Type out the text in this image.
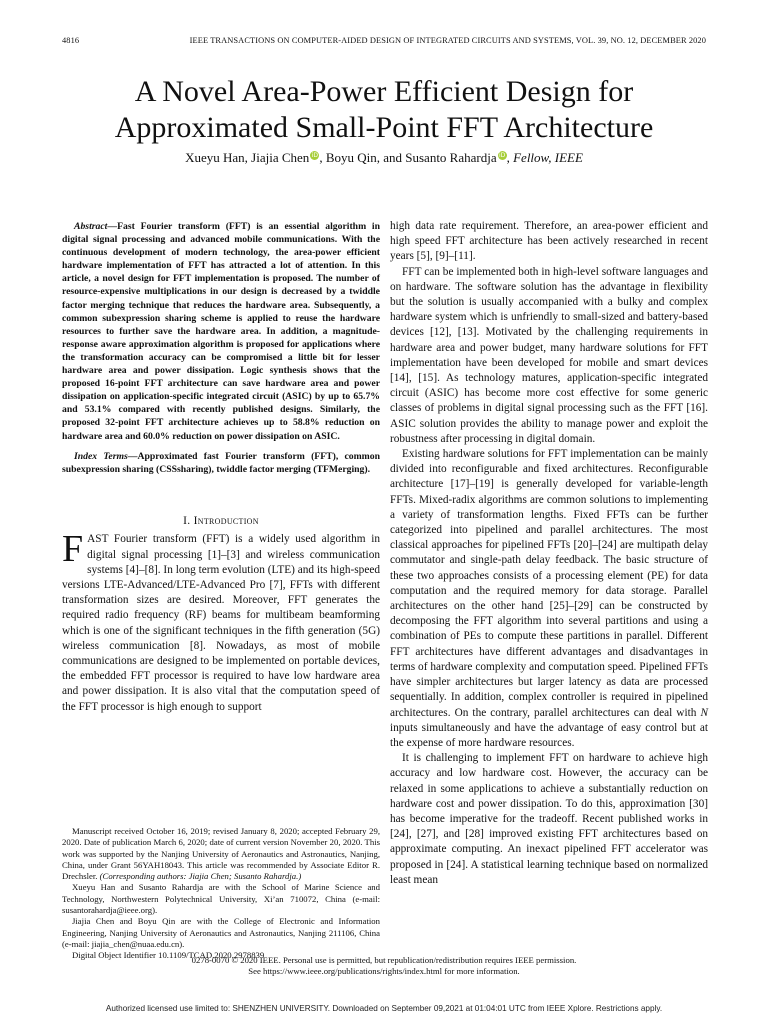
4816	IEEE TRANSACTIONS ON COMPUTER-AIDED DESIGN OF INTEGRATED CIRCUITS AND SYSTEMS, VOL. 39, NO. 12, DECEMBER 2020
A Novel Area-Power Efficient Design for
Approximated Small-Point FFT Architecture
Xueyu Han, Jiajia Chen iD, Boyu Qin, and Susanto Rahardja iD, Fellow, IEEE

Abstract—Fast Fourier transform (FFT) is an essential algorithm in digital signal processing and advanced mobile communications. With the continuous development of modern technology, the area-power efficient hardware implementation of FFT has attracted a lot of attention. In this article, a novel design for FFT implementation is proposed. The number of resource-expensive multiplications in our design is decreased by a twiddle factor merging technique that reduces the hardware area. Subsequently, a common subexpression sharing scheme is applied to reuse the hardware resources to further save the hardware area. In addition, a magnitude-response aware approximation algorithm is proposed for applications where the transformation accuracy can be compromised a little bit for lesser hardware area and power dissipation. Logic synthesis shows that the proposed 16-point FFT architecture can save hardware area and power dissipation on application-specific integrated circuit (ASIC) by up to 65.7% and 53.1% compared with recently published designs. Similarly, the proposed 32-point FFT architecture achieves up to 58.8% reduction on hardware area and 60.0% reduction on power dissipation on ASIC.

Index Terms—Approximated fast Fourier transform (FFT), common subexpression sharing (CSSsharing), twiddle factor merging (TFMerging).

I. Introduction

FAST Fourier transform (FFT) is a widely used algorithm in digital signal processing [1]–[3] and wireless communication systems [4]–[8]. In long term evolution (LTE) and its high-speed versions LTE-Advanced/LTE-Advanced Pro [7], FFTs with different transformation sizes are desired. Moreover, FFT generates the required radio frequency (RF) beams for multibeam beamforming which is one of the significant techniques in the fifth generation (5G) wireless communication [8]. Nowadays, as most of mobile communications are designed to be implemented on portable devices, the embedded FFT processor is required to have low hardware area and power dissipation. It is also vital that the computation speed of the FFT processor is high enough to support

high data rate requirement. Therefore, an area-power efficient and high speed FFT architecture has been actively researched in recent years [5], [9]–[11].

FFT can be implemented both in high-level software languages and on hardware. The software solution has the advantage in flexibility but the solution is usually accompanied with a bulky and complex hardware system which is unfriendly to small-sized and battery-based devices [12], [13]. Motivated by the challenging requirements in hardware area and power budget, many hardware solutions for FFT implementation have been developed for mobile and smart devices [14], [15]. As technology matures, application-specific integrated circuit (ASIC) has become more cost effective for some generic classes of problems in digital signal processing such as the FFT [16]. ASIC solution provides the ability to manage power and exploit the robustness after processing in digital domain.

Existing hardware solutions for FFT implementation can be mainly divided into reconfigurable and fixed architectures. Reconfigurable architecture [17]–[19] is generally developed for variable-length FFTs. Mixed-radix algorithms are common solutions to implementing a variety of transformation lengths. Fixed FFTs can be further categorized into pipelined and parallel architectures. The most classical approaches for pipelined FFTs [20]–[24] are multipath delay commutator and single-path delay feedback. The basic structure of these two approaches consists of a processing element (PE) for data computation and the required memory for data storage. Parallel architectures on the other hand [25]–[29] can be constructed by decomposing the FFT algorithm into several partitions and using a combination of PEs to compute these partitions in parallel. Different FFT architectures have different advantages and disadvantages in terms of hardware complexity and computation speed. Pipelined FFTs have simpler architectures but larger latency as data are processed sequentially. In addition, complex controller is required in pipelined architectures. On the contrary, parallel architectures can deal with N inputs simultaneously and have the advantage of easy control but at the expense of more hardware resources.

It is challenging to implement FFT on hardware to achieve high accuracy and low hardware cost. However, the accuracy can be relaxed in some applications to achieve a substantially reduction on hardware cost and power dissipation. To do this, approximation [30] has become imperative for the tradeoff. Recent published works in [24], [27], and [28] improved existing FFT architectures based on approximate computing. An inexact pipelined FFT accelerator was proposed in [24]. A statistical learning technique based on normalized least mean

Manuscript received October 16, 2019; revised January 8, 2020; accepted February 29, 2020. Date of publication March 6, 2020; date of current version November 20, 2020. This work was supported by the Nanjing University of Aeronautics and Astronautics, Nanjing, China, under Grant 56YAH18043. This article was recommended by Associate Editor R. Drechsler. (Corresponding authors: Jiajia Chen; Susanto Rahardja.)

Xueyu Han and Susanto Rahardja are with the School of Marine Science and Technology, Northwestern Polytechnical University, Xi’an 710072, China (e-mail: susantorahardja@ieee.org).

Jiajia Chen and Boyu Qin are with the College of Electronic and Information Engineering, Nanjing University of Aeronautics and Astronautics, Nanjing 211106, China (e-mail: jiajia_chen@nuaa.edu.cn).

Digital Object Identifier 10.1109/TCAD.2020.2978839

0278-0070 © 2020 IEEE. Personal use is permitted, but republication/redistribution requires IEEE permission.
See https://www.ieee.org/publications/rights/index.html for more information.
Authorized licensed use limited to: SHENZHEN UNIVERSITY. Downloaded on September 09,2021 at 01:04:01 UTC from IEEE Xplore. Restrictions apply.
